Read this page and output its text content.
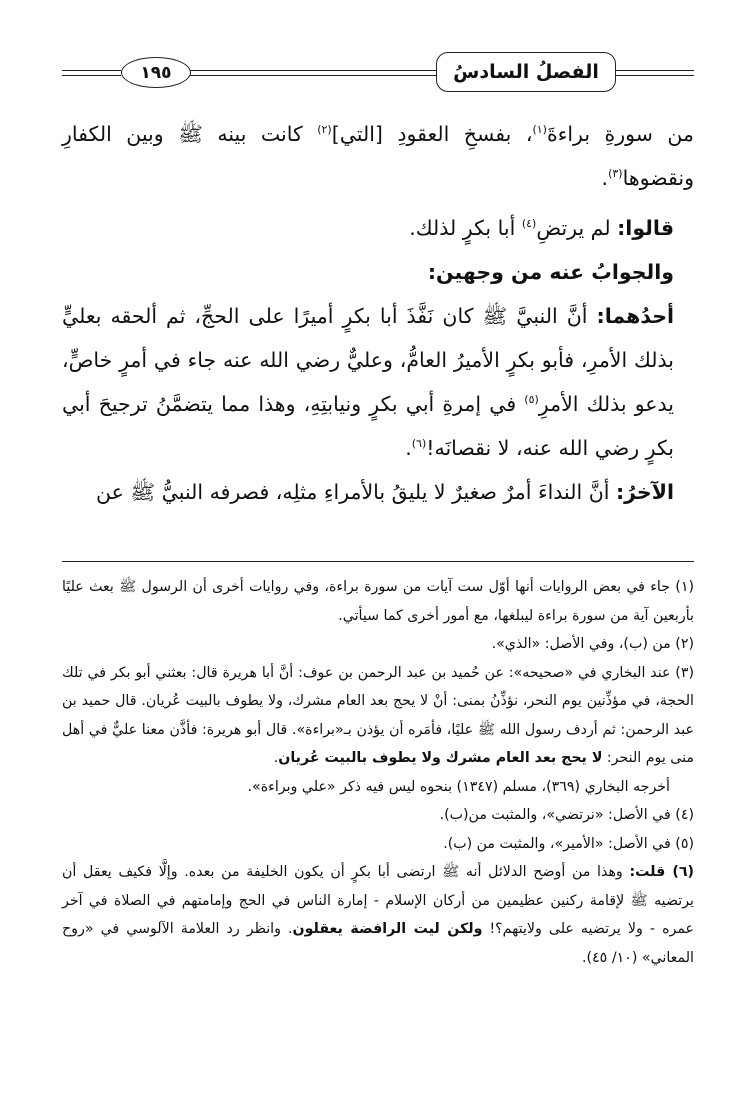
الفصلُ السادسُ
١٩٥

من سورةِ براءةَ$^{(١)}$، بفسخِ العقودِ [التي]$^{(٢)}$ كانت بينه ﷺ وبين الكفارِ ونقضوها$^{(٣)}$.

قالوا: لم يرتضِ$^{(٤)}$ أبا بكرٍ لذلك.

والجوابُ عنه من وجهين:

أحدُهما: أنَّ النبيَّ ﷺ كان نَفَّذَ أبا بكرٍ أميرًا على الحجِّ، ثم ألحقه بعليٍّ بذلك الأمرِ، فأبو بكرٍ الأميرُ العامُّ، وعليٌّ رضي الله عنه جاء في أمرٍ خاصٍّ، يدعو بذلك الأمرِ$^{(٥)}$ في إمرةِ أبي بكرٍ ونيابتِهِ، وهذا مما يتضمَّنُ ترجيحَ أبي بكرٍ رضي الله عنه، لا نقصانَه!$^{(٦)}$.

الآخرُ: أنَّ النداءَ أمرٌ صغيرٌ لا يليقُ بالأمراءِ مثلِه، فصرفه النبيُّ ﷺ عن

(١) جاء في بعض الروايات أنها أوّل ست آيات من سورة براءة، وفي روايات أخرى أن الرسول ﷺ بعث عليًا بأربعين آية من سورة براءة ليبلغها، مع أمور أخرى كما سيأتي.

(٢) من (ب)، وفي الأصل: «الذي».

(٣) عند البخاري في «صحيحه»: عن حُميد بن عبد الرحمن بن عوف: أنَّ أبا هريرة قال: بعثني أبو بكر في تلك الحجة، في مؤذِّنين يوم النحر، نؤذِّنُ بمنى: أنْ لا يحج بعد العام مشرك، ولا يطوف بالبيت عُريان. قال حميد بن عبد الرحمن: ثم أردف رسول الله ﷺ عليًا، فأمَره أن يؤذن بـ«براءة». قال أبو هريرة: فأذَّن معنا عليٌّ في أهل منى يوم النحر: لا يحج بعد العام مشرك ولا يطوف بالبيت عُريان.

أخرجه البخاري (٣٦٩)، مسلم (١٣٤٧) بنحوه ليس فيه ذكر «علي وبراءة».

(٤) في الأصل: «نرتضي»، والمثبت من(ب).

(٥) في الأصل: «الأمير»، والمثبت من (ب).

(٦) قلت: وهذا من أوضح الدلائل أنه ﷺ ارتضى أبا بكرٍ أن يكون الخليفة من بعده. وإلَّا فكيف يعقل أن يرتضيه ﷺ لإقامة ركنين عظيمين من أركان الإسلام - إمارة الناس في الحج وإمامتهم في الصلاة في آخر عمره - ولا يرتضيه على ولايتهم؟! ولكن ليت الرافضة يعقلون. وانظر رد العلامة الآلوسي في «روح المعاني» (١٠/ ٤٥).
